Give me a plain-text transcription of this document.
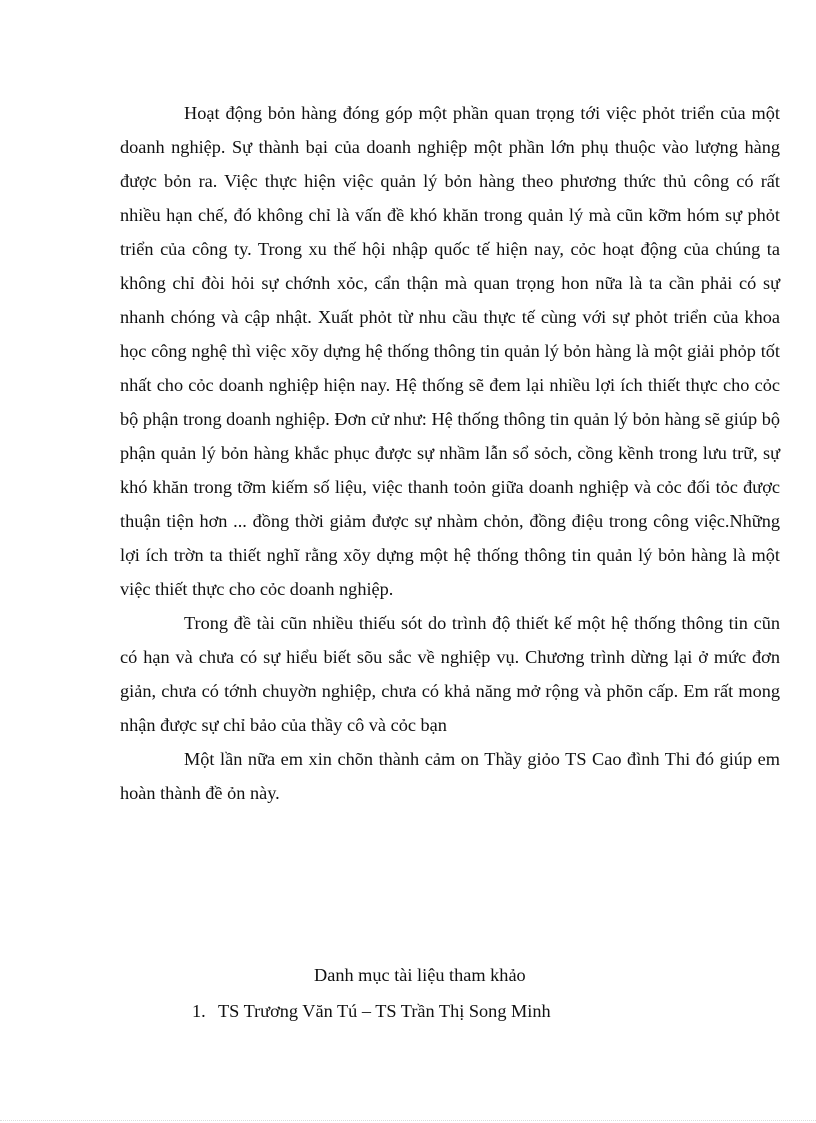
Hoạt động bỏn hàng đóng góp một phần quan trọng tới việc phỏt triển của một doanh nghiệp. Sự thành bại của doanh nghiệp một phần lớn phụ thuộc vào lượng hàng được bỏn ra. Việc thực hiện việc quản lý bỏn hàng theo phương thức thủ công có rất nhiều hạn chế, đó không chỉ là vấn đề khó khăn trong quản lý mà cũn kỡm hóm sự phỏt triển của công ty. Trong xu thế hội nhập quốc tế hiện nay, cỏc hoạt động của chúng ta không chỉ đòi hỏi sự chớnh xỏc, cẩn thận mà quan trọng hon nữa là ta cần phải có sự nhanh chóng và cập nhật. Xuất phỏt từ nhu cầu thực tế cùng với sự phỏt triển của khoa học công nghệ thì việc xõy dựng hệ thống thông tin quản lý bỏn hàng là một giải phỏp tốt nhất cho cỏc doanh nghiệp hiện nay. Hệ thống sẽ đem lại nhiều lợi ích thiết thực cho cỏc bộ phận trong doanh nghiệp. Đơn cử như: Hệ thống thông tin quản lý bỏn hàng sẽ giúp bộ phận quản lý bỏn hàng khắc phục được sự nhầm lẫn sổ sỏch, cồng kềnh trong lưu trữ, sự khó khăn trong tỡm kiếm số liệu, việc thanh toỏn giữa doanh nghiệp và cỏc đối tỏc được thuận tiện hơn ... đồng thời giảm được sự nhàm chỏn, đồng điệu trong công việc.Những lợi ích trờn ta thiết nghĩ rằng xõy dựng một hệ thống thông tin quản lý bỏn hàng là một việc thiết thực cho cỏc doanh nghiệp.

Trong đề tài cũn nhiều thiếu sót do trình độ thiết kế một hệ thống thông tin cũn có hạn và chưa có sự hiểu biết sõu sắc về nghiệp vụ. Chương trình dừng lại ở mức đơn giản, chưa có tớnh chuyờn nghiệp, chưa có khả năng mở rộng và phõn cấp. Em rất mong nhận được sự chỉ bảo của thầy cô và cỏc bạn

Một lần nữa em xin chõn thành cảm on Thầy giỏo TS Cao đình Thi đó giúp em hoàn thành đề ỏn này.

Danh mục tài liệu tham khảo
1. TS Trương Văn Tú – TS Trần Thị Song Minh
